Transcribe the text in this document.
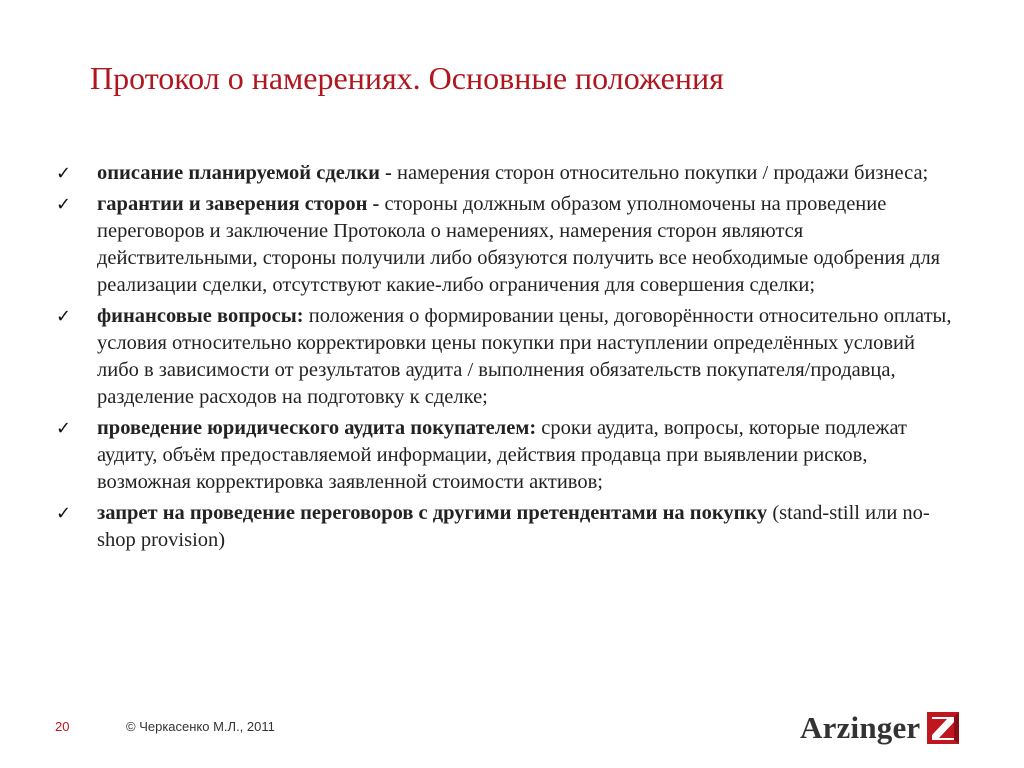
Протокол о намерениях. Основные положения
✓ описание планируемой сделки - намерения сторон относительно покупки / продажи бизнеса;
✓ гарантии и заверения сторон - стороны должным образом уполномочены на проведение переговоров и заключение Протокола о намерениях, намерения сторон являются действительными, стороны получили либо обязуются получить все необходимые одобрения для реализации сделки, отсутствуют какие-либо ограничения для совершения сделки;
✓ финансовые вопросы: положения о формировании цены, договорённости относительно оплаты, условия относительно корректировки цены покупки при наступлении определённых условий либо в зависимости от результатов аудита / выполнения обязательств покупателя/продавца, разделение расходов на подготовку к сделке;
✓ проведение юридического аудита покупателем: сроки аудита, вопросы, которые подлежат аудиту, объём предоставляемой информации, действия продавца при выявлении рисков, возможная корректировка заявленной стоимости активов;
✓ запрет на проведение переговоров с другими претендентами на покупку (stand-still или no-shop provision)
20	© Черкасенко М.Л., 2011	Arzinger
